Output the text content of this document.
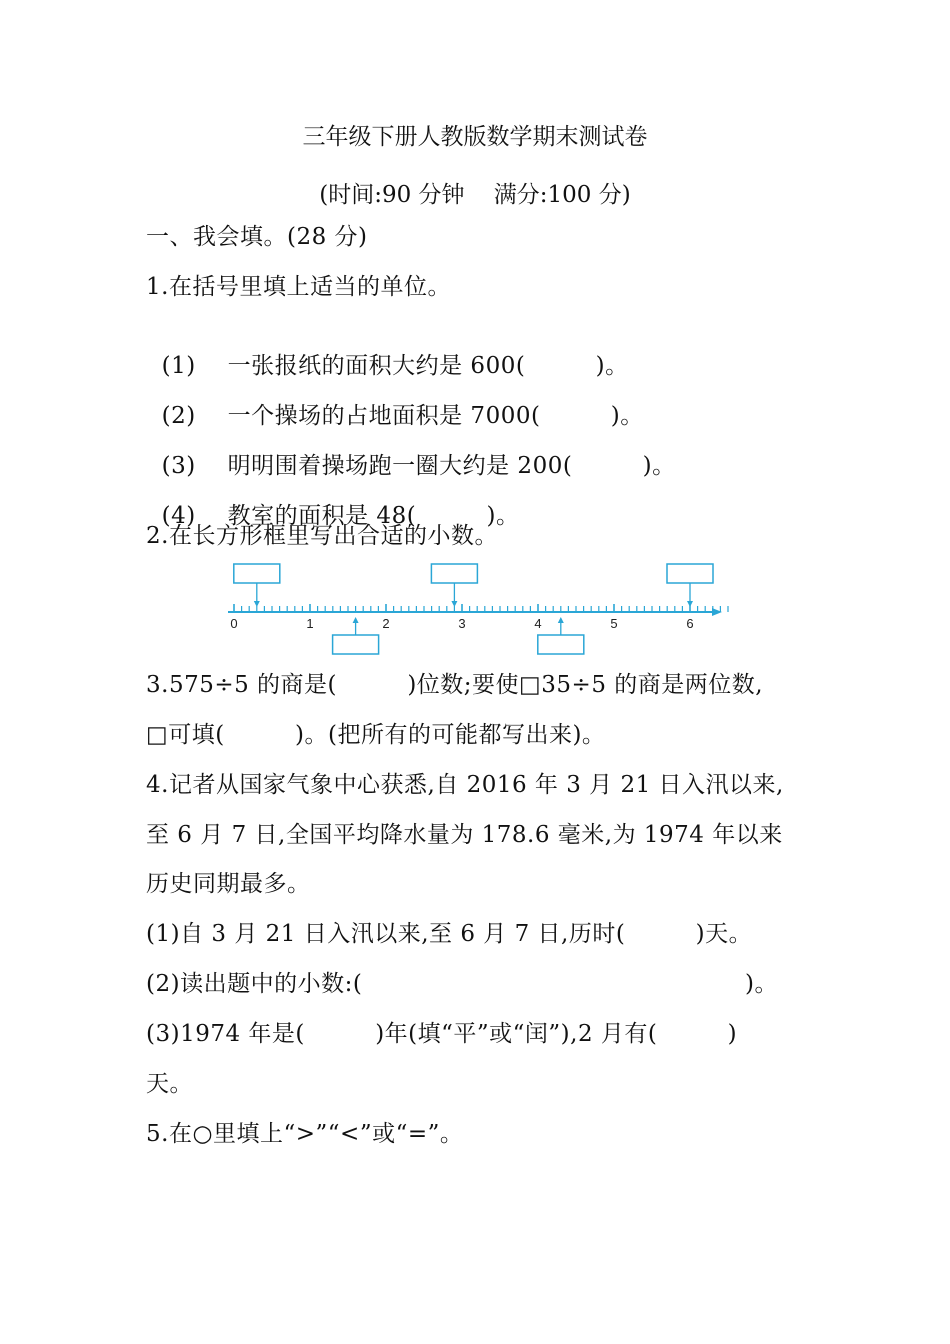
三年级下册人教版数学期末测试卷
(时间:90 分钟    满分:100 分)
一、我会填。(28 分)
1.在括号里填上适当的单位。

(1) 一张报纸的面积大约是 600(         )。

(2) 一个操场的占地面积是 7000(         )。

(3) 明明围着操场跑一圈大约是 200(         )。

(4) 教室的面积是 48(         )。

2.在长方形框里写出合适的小数。
0	1	2	3	4	5	6
3.575÷5 的商是(         )位数;要使□35÷5 的商是两位数,
□可填(         )。(把所有的可能都写出来)。
4.记者从国家气象中心获悉,自 2016 年 3 月 21 日入汛以来,
至 6 月 7 日,全国平均降水量为 178.6 毫米,为 1974 年以来
历史同期最多。
(1)自 3 月 21 日入汛以来,至 6 月 7 日,历时(         )天。
(2)读出题中的小数:(                                                 )。
(3)1974 年是(         )年(填“平”或“闰”),2 月有(         )
天。
5.在○里填上“>”“<”或“=”。
